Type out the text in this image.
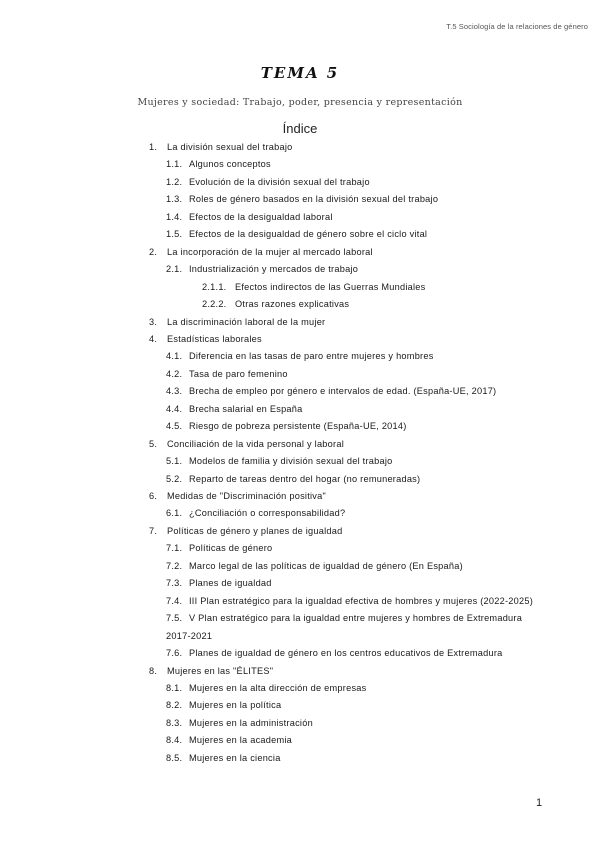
T.5 Sociología de la relaciones de género
TEMA 5
Mujeres y sociedad: Trabajo, poder, presencia y representación
Índice
1. La división sexual del trabajo
1.1. Algunos conceptos
1.2. Evolución de la división sexual del trabajo
1.3. Roles de género basados en la división sexual del trabajo
1.4. Efectos de la desigualdad laboral
1.5. Efectos de la desigualdad de género sobre el ciclo vital
2. La incorporación de la mujer al mercado laboral
2.1. Industrialización y mercados de trabajo
2.1.1. Efectos indirectos de las Guerras Mundiales
2.2.2. Otras razones explicativas
3. La discriminación laboral de la mujer
4. Estadísticas laborales
4.1. Diferencia en las tasas de paro entre mujeres y hombres
4.2. Tasa de paro femenino
4.3. Brecha de empleo por género e intervalos de edad. (España-UE, 2017)
4.4. Brecha salarial en España
4.5. Riesgo de pobreza persistente (España-UE, 2014)
5. Conciliación de la vida personal y laboral
5.1. Modelos de familia y división sexual del trabajo
5.2. Reparto de tareas dentro del hogar (no remuneradas)
6. Medidas de "Discriminación positiva"
6.1. ¿Conciliación o corresponsabilidad?
7. Políticas de género y planes de igualdad
7.1. Políticas de género
7.2. Marco legal de las políticas de igualdad de género (En España)
7.3. Planes de igualdad
7.4. III Plan estratégico para la igualdad efectiva de hombres y mujeres (2022-2025)
7.5. V Plan estratégico para la igualdad entre mujeres y hombres de Extremadura
2017-2021
7.6. Planes de igualdad de género en los centros educativos de Extremadura
8. Mujeres en las "ÉLITES"
8.1. Mujeres en la alta dirección de empresas
8.2. Mujeres en la política
8.3. Mujeres en la administración
8.4. Mujeres en la academia
8.5. Mujeres en la ciencia
1
